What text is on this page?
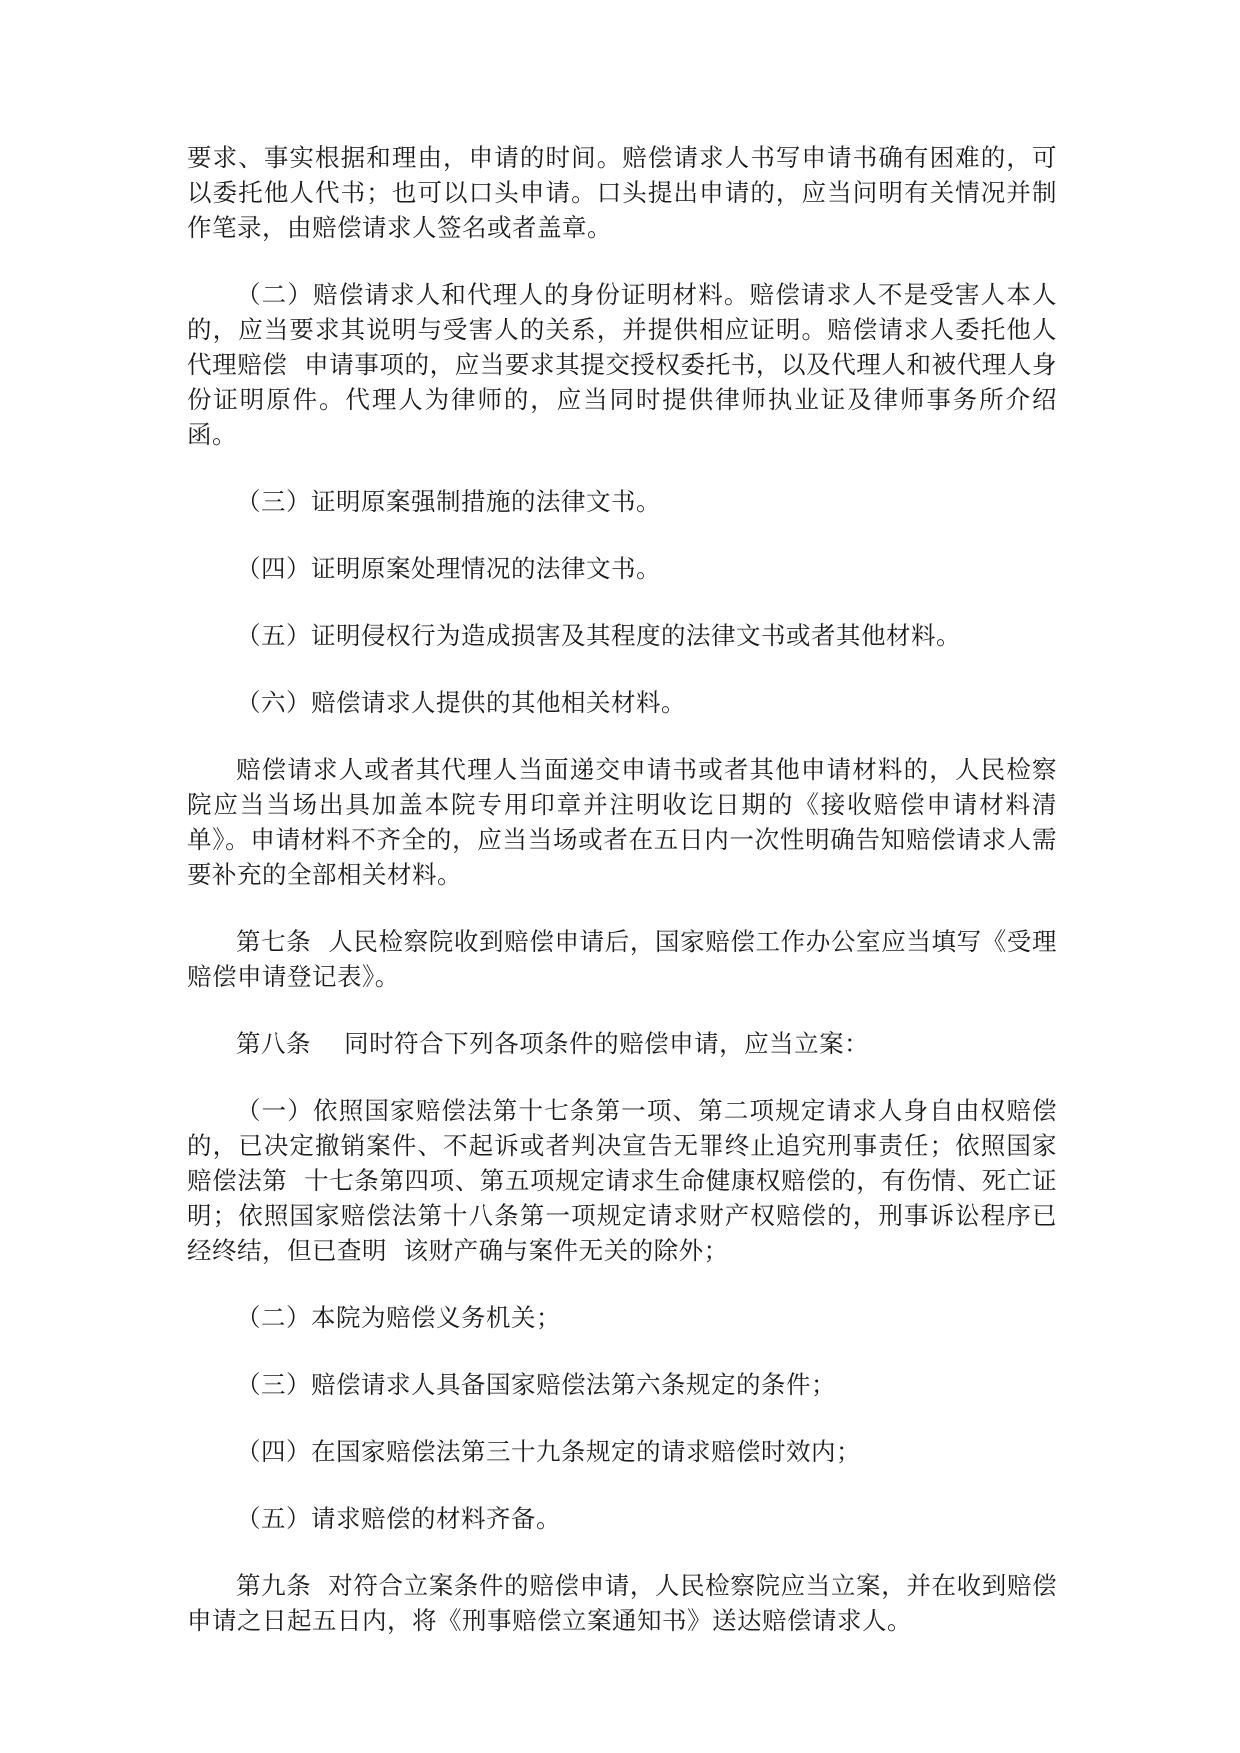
要求、事实根据和理由，申请的时间。赔偿请求人书写申请书确有困难的，可以委托他人代书；也可以口头申请。口头提出申请的，应当问明有关情况并制作笔录，由赔偿请求人签名或者盖章。

（二）赔偿请求人和代理人的身份证明材料。赔偿请求人不是受害人本人的，应当要求其说明与受害人的关系，并提供相应证明。赔偿请求人委托他人代理赔偿  申请事项的，应当要求其提交授权委托书，以及代理人和被代理人身份证明原件。代理人为律师的，应当同时提供律师执业证及律师事务所介绍函。

（三）证明原案强制措施的法律文书。

（四）证明原案处理情况的法律文书。

（五）证明侵权行为造成损害及其程度的法律文书或者其他材料。

（六）赔偿请求人提供的其他相关材料。

赔偿请求人或者其代理人当面递交申请书或者其他申请材料的，人民检察院应当当场出具加盖本院专用印章并注明收讫日期的《接收赔偿申请材料清单》。申请材料不齐全的，应当当场或者在五日内一次性明确告知赔偿请求人需要补充的全部相关材料。

第七条  人民检察院收到赔偿申请后，国家赔偿工作办公室应当填写《受理赔偿申请登记表》。

第八条    同时符合下列各项条件的赔偿申请，应当立案：

（一）依照国家赔偿法第十七条第一项、第二项规定请求人身自由权赔偿的，已决定撤销案件、不起诉或者判决宣告无罪终止追究刑事责任；依照国家赔偿法第  十七条第四项、第五项规定请求生命健康权赔偿的，有伤情、死亡证明；依照国家赔偿法第十八条第一项规定请求财产权赔偿的，刑事诉讼程序已经终结，但已查明  该财产确与案件无关的除外；

（二）本院为赔偿义务机关；

（三）赔偿请求人具备国家赔偿法第六条规定的条件；

（四）在国家赔偿法第三十九条规定的请求赔偿时效内；

（五）请求赔偿的材料齐备。

第九条  对符合立案条件的赔偿申请，人民检察院应当立案，并在收到赔偿申请之日起五日内，将《刑事赔偿立案通知书》送达赔偿请求人。
